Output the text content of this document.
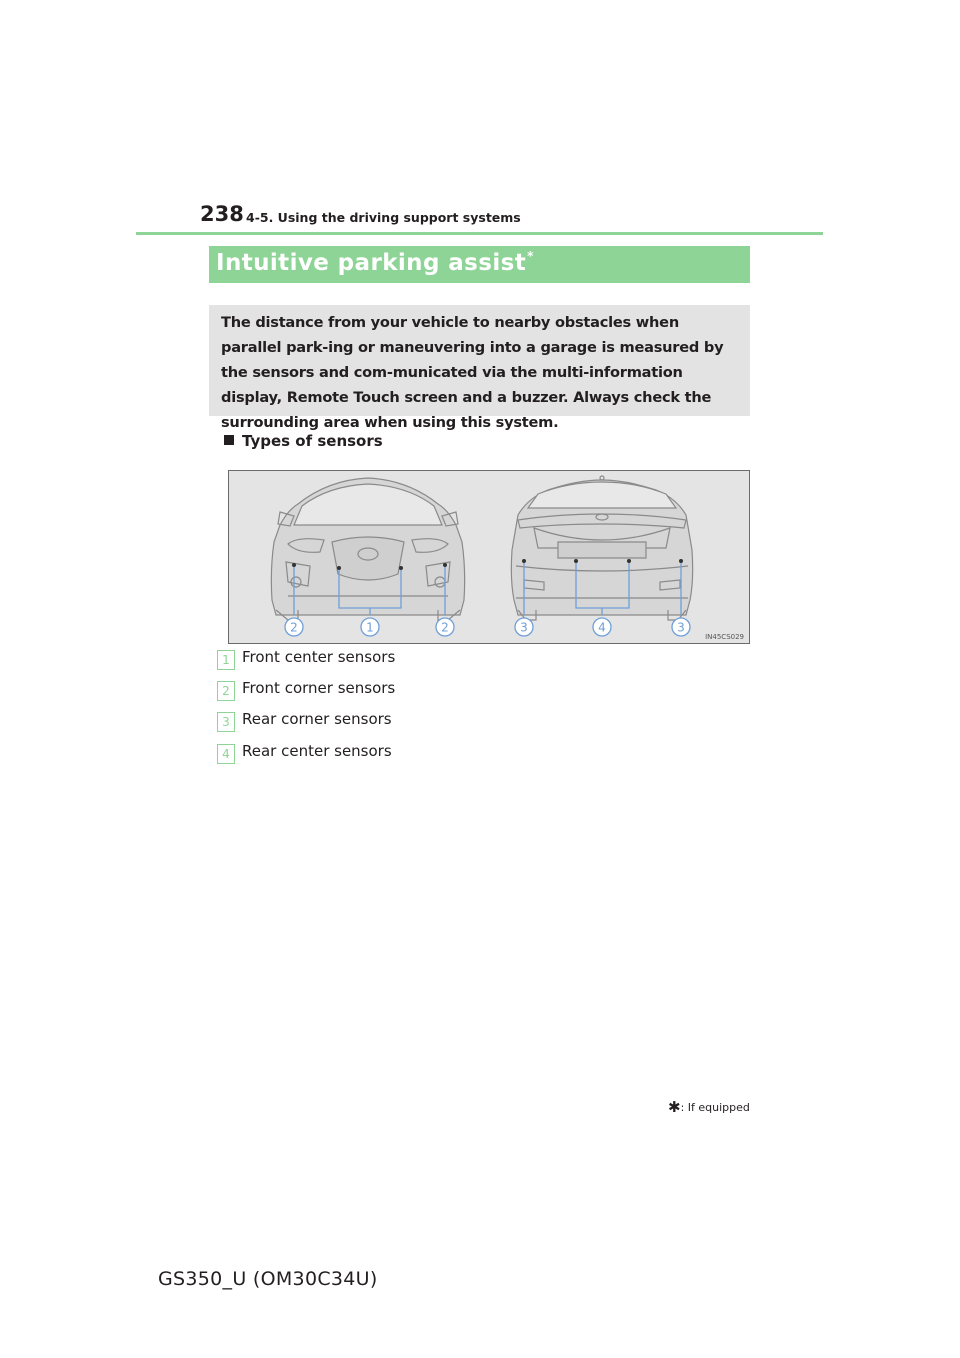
238 4-5. Using the driving support systems
Intuitive parking assist*
The distance from your vehicle to nearby obstacles when parallel park-ing or maneuvering into a garage is measured by the sensors and com-municated via the multi-information display, Remote Touch screen and a buzzer. Always check the surrounding area when using this system.
Types of sensors
2	1	2	3	4	3
IN45CS029
1 Front center sensors
2 Front corner sensors
3 Rear corner sensors
4 Rear center sensors
✱: If equipped
GS350_U (OM30C34U)
